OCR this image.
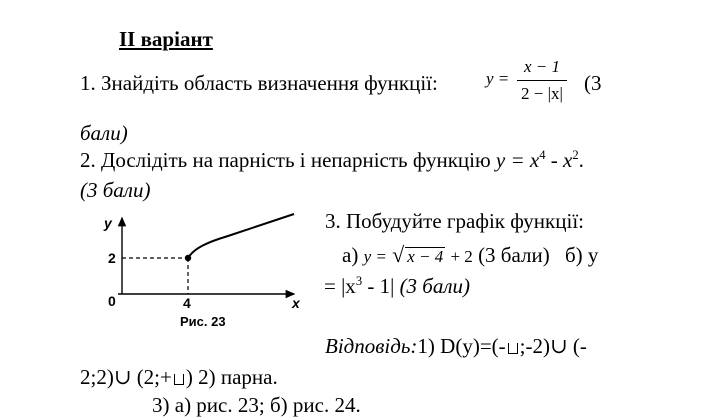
II варіант
1. Знайдіть область визначення функції:	$y = \frac{x - 1}{2 - |x|} (3$
бали)
2. Дослідіть на парність і непарність функцію $y = x^4 - x^2$.
(3 бали)
y
x
0
2
4
Рис. 23
3. Побудуйте графік функції:
а) y = √ x − 4 + 2 (3 бали) б) y
= $|x^3 - 1|$ (3 бали)
Відповідь:1) D(y)=(- ;-2)∪ (-
2;2)∪ (2;+ ) 2) парна.
3) а) рис. 23; б) рис. 24.
